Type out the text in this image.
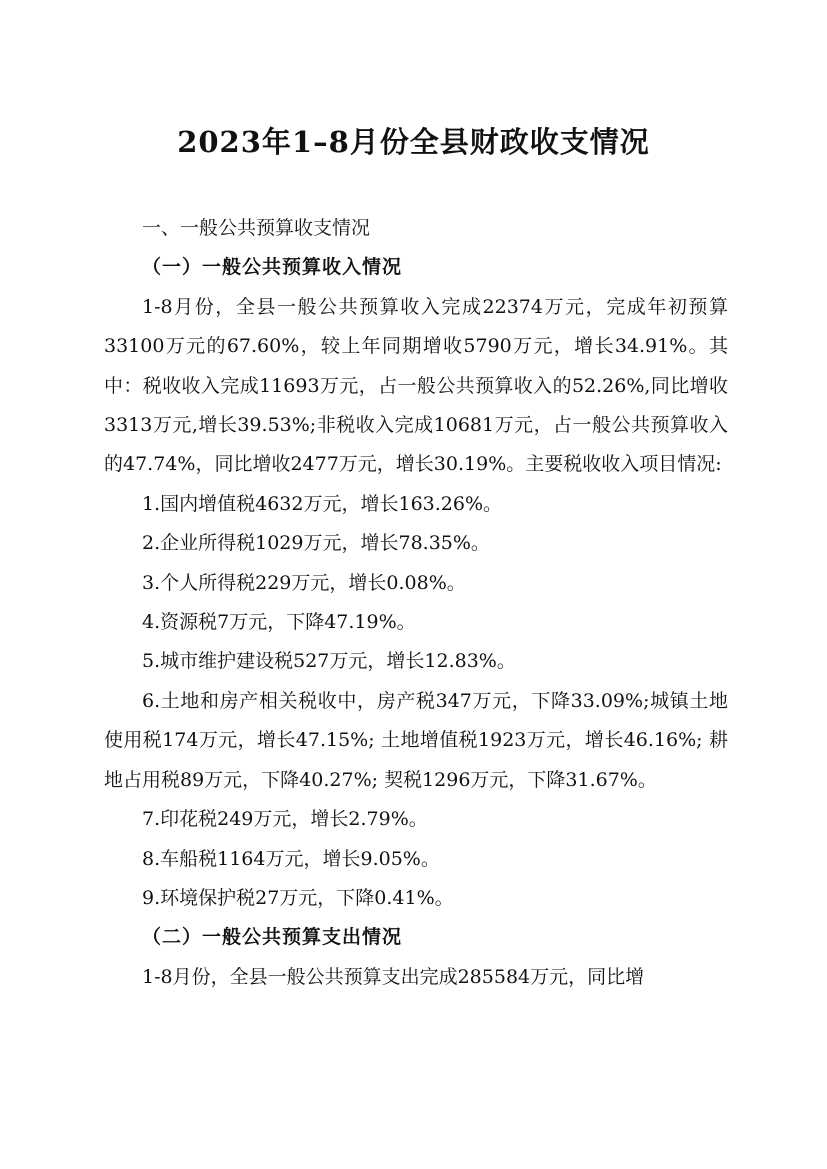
2023年1–8月份全县财政收支情况

一、一般公共预算收支情况

（一）一般公共预算收入情况

1-8月份，全县一般公共预算收入完成22374万元，完成年初预算33100万元的67.60%，较上年同期增收5790万元，增长34.91%。其中：税收收入完成11693万元，占一般公共预算收入的52.26%,同比增收3313万元,增长39.53%;非税收入完成10681万元，占一般公共预算收入的47.74%，同比增收2477万元，增长30.19%。主要税收收入项目情况:

1.国内增值税4632万元，增长163.26%。

2.企业所得税1029万元，增长78.35%。

3.个人所得税229万元，增长0.08%。

4.资源税7万元，下降47.19%。

5.城市维护建设税527万元，增长12.83%。

6.土地和房产相关税收中，房产税347万元，下降33.09%;城镇土地使用税174万元，增长47.15%; 土地增值税1923万元，增长46.16%; 耕地占用税89万元，下降40.27%; 契税1296万元，下降31.67%。

7.印花税249万元，增长2.79%。

8.车船税1164万元，增长9.05%。

9.环境保护税27万元，下降0.41%。

（二）一般公共预算支出情况

1-8月份，全县一般公共预算支出完成285584万元，同比增
